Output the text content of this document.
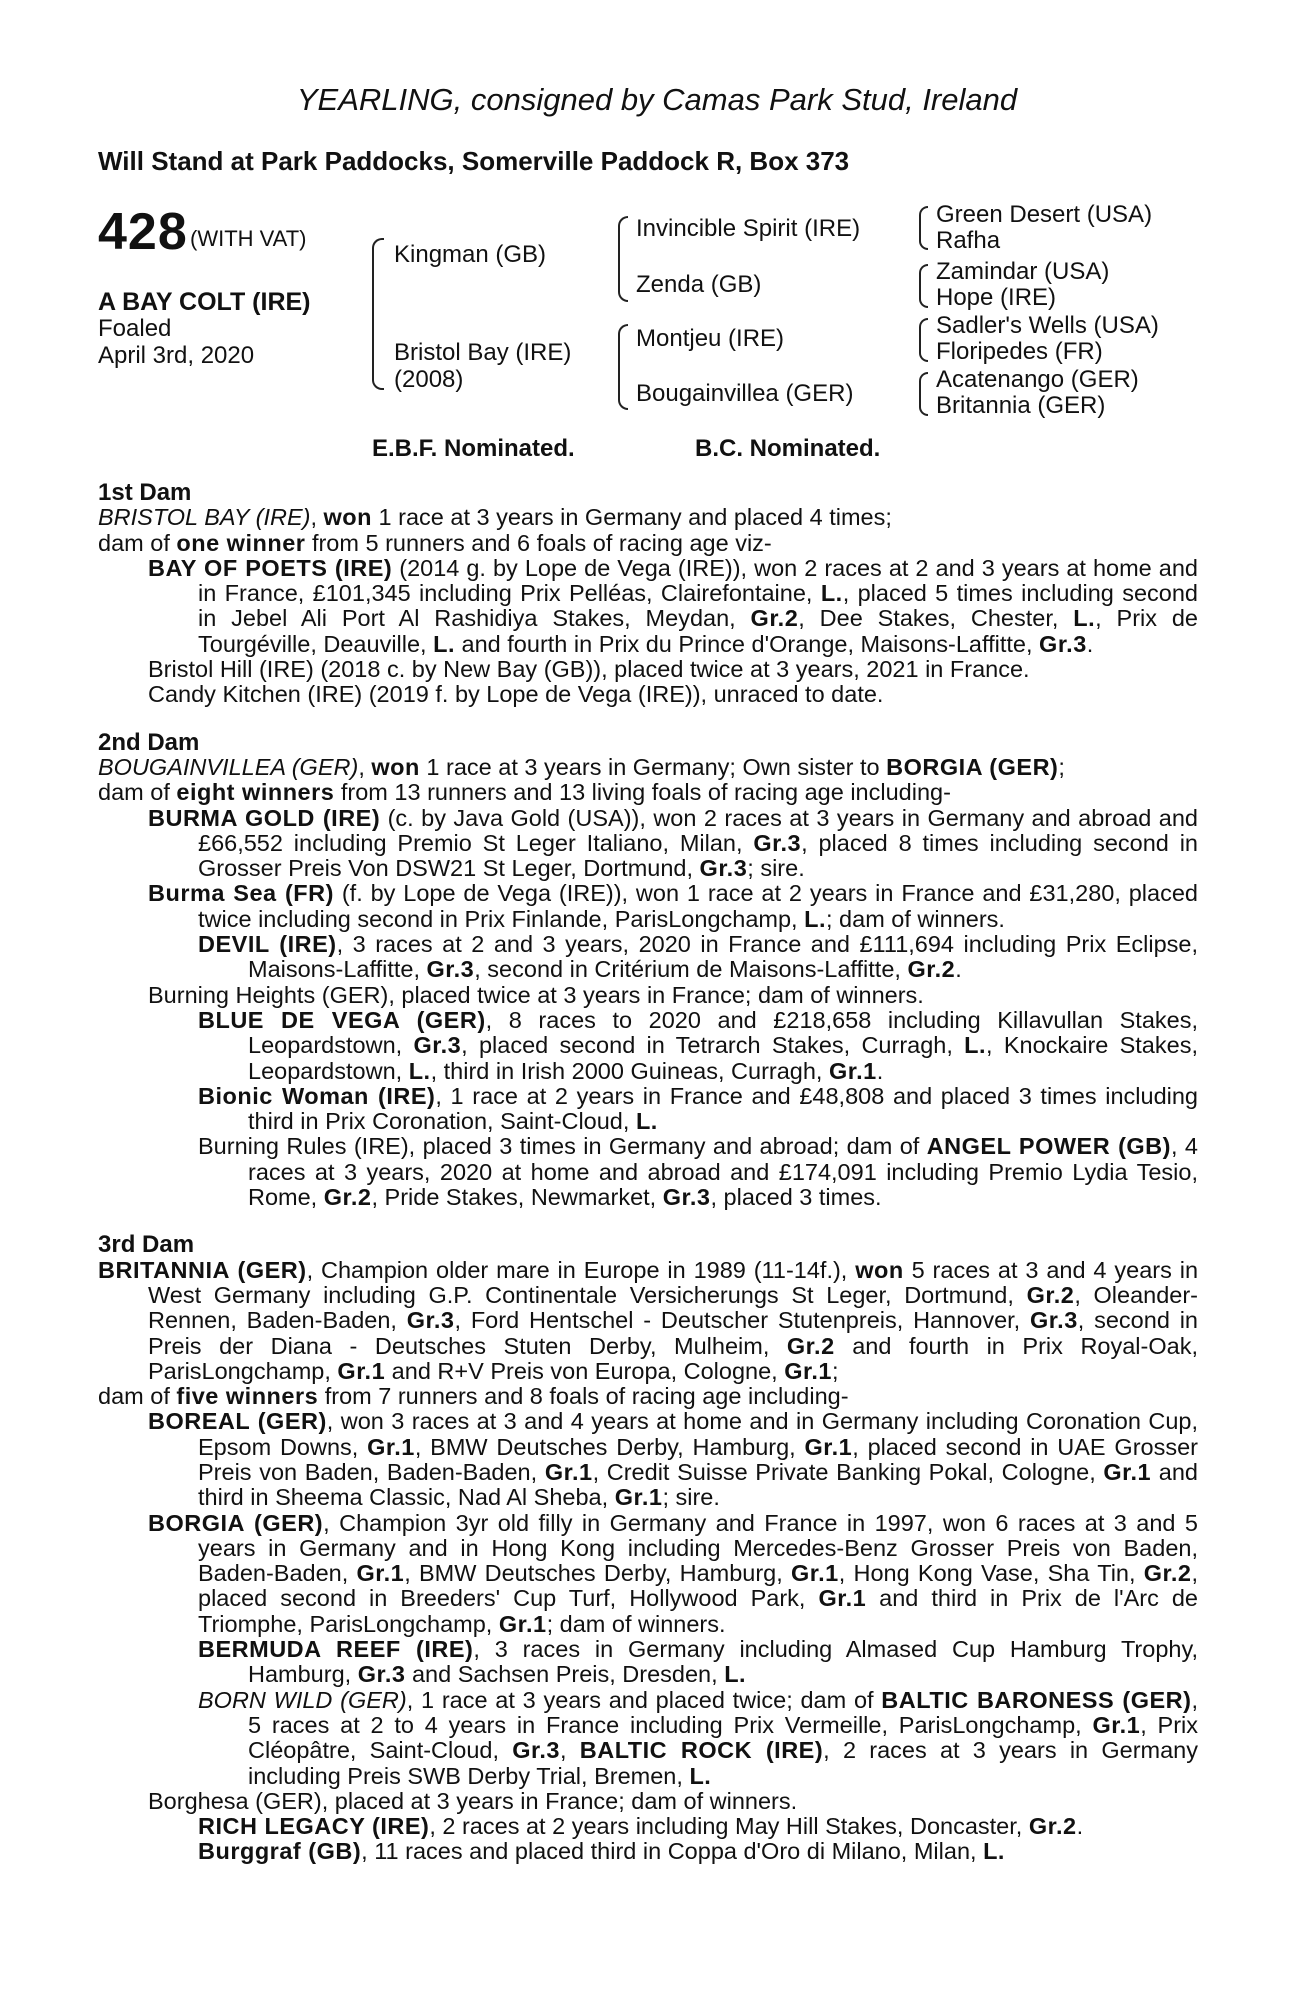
YEARLING, consigned by Camas Park Stud, Ireland
Will Stand at Park Paddocks, Somerville Paddock R, Box 373
428 (WITH VAT)
A BAY COLT (IRE)
Foaled
April 3rd, 2020
Kingman (GB)
Bristol Bay (IRE)
(2008)
Invincible Spirit (IRE)
Zenda (GB)
Montjeu (IRE)
Bougainvillea (GER)
Green Desert (USA)
Rafha
Zamindar (USA)
Hope (IRE)
Sadler's Wells (USA)
Floripedes (FR)
Acatenango (GER)
Britannia (GER)
E.B.F. Nominated.	B.C. Nominated.
1st Dam
BRISTOL BAY (IRE), won 1 race at 3 years in Germany and placed 4 times;
dam of one winner from 5 runners and 6 foals of racing age viz-
BAY OF POETS (IRE) (2014 g. by Lope de Vega (IRE)), won 2 races at 2 and 3 years at home and in France, £101,345 including Prix Pelléas, Clairefontaine, L., placed 5 times including second in Jebel Ali Port Al Rashidiya Stakes, Meydan, Gr.2, Dee Stakes, Chester, L., Prix de Tourgéville, Deauville, L. and fourth in Prix du Prince d'Orange, Maisons-Laffitte, Gr.3.
Bristol Hill (IRE) (2018 c. by New Bay (GB)), placed twice at 3 years, 2021 in France.
Candy Kitchen (IRE) (2019 f. by Lope de Vega (IRE)), unraced to date.
2nd Dam
BOUGAINVILLEA (GER), won 1 race at 3 years in Germany; Own sister to BORGIA (GER);
dam of eight winners from 13 runners and 13 living foals of racing age including-
BURMA GOLD (IRE) (c. by Java Gold (USA)), won 2 races at 3 years in Germany and abroad and £66,552 including Premio St Leger Italiano, Milan, Gr.3, placed 8 times including second in Grosser Preis Von DSW21 St Leger, Dortmund, Gr.3; sire.
Burma Sea (FR) (f. by Lope de Vega (IRE)), won 1 race at 2 years in France and £31,280, placed twice including second in Prix Finlande, ParisLongchamp, L.; dam of winners.
DEVIL (IRE), 3 races at 2 and 3 years, 2020 in France and £111,694 including Prix Eclipse, Maisons-Laffitte, Gr.3, second in Critérium de Maisons-Laffitte, Gr.2.
Burning Heights (GER), placed twice at 3 years in France; dam of winners.
BLUE DE VEGA (GER), 8 races to 2020 and £218,658 including Killavullan Stakes, Leopardstown, Gr.3, placed second in Tetrarch Stakes, Curragh, L., Knockaire Stakes, Leopardstown, L., third in Irish 2000 Guineas, Curragh, Gr.1.
Bionic Woman (IRE), 1 race at 2 years in France and £48,808 and placed 3 times including third in Prix Coronation, Saint-Cloud, L.
Burning Rules (IRE), placed 3 times in Germany and abroad; dam of ANGEL POWER (GB), 4 races at 3 years, 2020 at home and abroad and £174,091 including Premio Lydia Tesio, Rome, Gr.2, Pride Stakes, Newmarket, Gr.3, placed 3 times.
3rd Dam
BRITANNIA (GER), Champion older mare in Europe in 1989 (11-14f.), won 5 races at 3 and 4 years in West Germany including G.P. Continentale Versicherungs St Leger, Dortmund, Gr.2, Oleander-Rennen, Baden-Baden, Gr.3, Ford Hentschel - Deutscher Stutenpreis, Hannover, Gr.3, second in Preis der Diana - Deutsches Stuten Derby, Mulheim, Gr.2 and fourth in Prix Royal-Oak, ParisLongchamp, Gr.1 and R+V Preis von Europa, Cologne, Gr.1;
dam of five winners from 7 runners and 8 foals of racing age including-
BOREAL (GER), won 3 races at 3 and 4 years at home and in Germany including Coronation Cup, Epsom Downs, Gr.1, BMW Deutsches Derby, Hamburg, Gr.1, placed second in UAE Grosser Preis von Baden, Baden-Baden, Gr.1, Credit Suisse Private Banking Pokal, Cologne, Gr.1 and third in Sheema Classic, Nad Al Sheba, Gr.1; sire.
BORGIA (GER), Champion 3yr old filly in Germany and France in 1997, won 6 races at 3 and 5 years in Germany and in Hong Kong including Mercedes-Benz Grosser Preis von Baden, Baden-Baden, Gr.1, BMW Deutsches Derby, Hamburg, Gr.1, Hong Kong Vase, Sha Tin, Gr.2, placed second in Breeders' Cup Turf, Hollywood Park, Gr.1 and third in Prix de l'Arc de Triomphe, ParisLongchamp, Gr.1; dam of winners.
BERMUDA REEF (IRE), 3 races in Germany including Almased Cup Hamburg Trophy, Hamburg, Gr.3 and Sachsen Preis, Dresden, L.
BORN WILD (GER), 1 race at 3 years and placed twice; dam of BALTIC BARONESS (GER), 5 races at 2 to 4 years in France including Prix Vermeille, ParisLongchamp, Gr.1, Prix Cléopâtre, Saint-Cloud, Gr.3, BALTIC ROCK (IRE), 2 races at 3 years in Germany including Preis SWB Derby Trial, Bremen, L.
Borghesa (GER), placed at 3 years in France; dam of winners.
RICH LEGACY (IRE), 2 races at 2 years including May Hill Stakes, Doncaster, Gr.2.
Burggraf (GB), 11 races and placed third in Coppa d'Oro di Milano, Milan, L.
